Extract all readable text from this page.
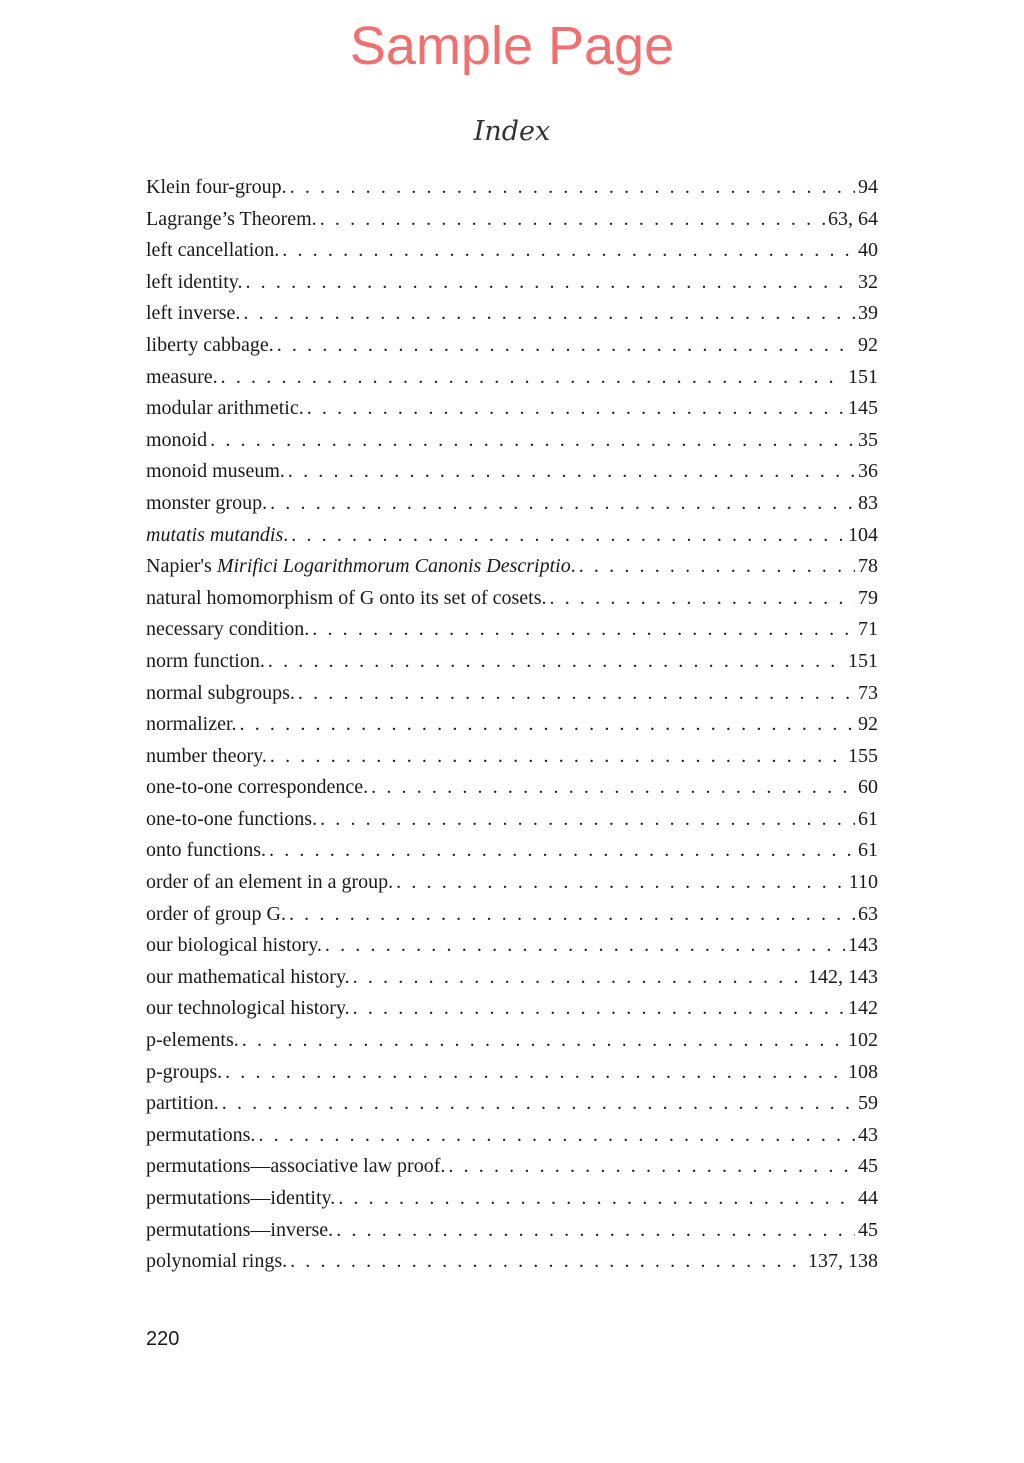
Sample Page
Index
Klein four-group. . . .	94
Lagrange’s Theorem. . . .	63, 64
left cancellation. . . .	40
left identity. . . .	32
left inverse. . . .	39
liberty cabbage. . . .	92
measure. . . .	151
modular arithmetic. . . .	145
monoid . . .	35
monoid museum. . . .	36
monster group. . . .	83
mutatis mutandis. . . .	104
Napier's Mirifici Logarithmorum Canonis Descriptio. . . .	78
natural homomorphism of G onto its set of cosets. . . .	79
necessary condition. . . .	71
norm function. . . .	151
normal subgroups. . . .	73
normalizer. . . .	92
number theory. . . .	155
one-to-one correspondence. . . .	60
one-to-one functions. . . .	61
onto functions. . . .	61
order of an element in a group. . . .	110
order of group G. . . .	63
our biological history. . . .	143
our mathematical history. . . .	142, 143
our technological history. . . .	142
p-elements. . . .	102
p-groups. . . .	108
partition. . . .	59
permutations. . . .	43
permutations—associative law proof. . . .	45
permutations—identity. . . .	44
permutations—inverse. . . .	45
polynomial rings. . . .	137, 138
220
